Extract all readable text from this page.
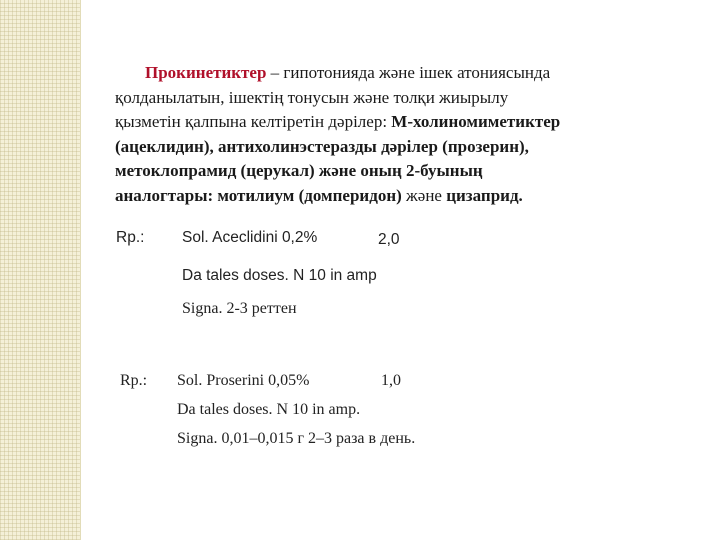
Прокинетиктер – гипотонияда және ішек атониясында
қолданылатын, ішектің тонусын және толқи жиырылу
қызметін қалпына келтіретін дәрілер: М-холиномиметиктер
(ацеклидин), антихолинэстеразды дәрілер (прозерин),
метоклопрамид (церукал) және оның 2-буының
аналогтары: мотилиум (домперидон) және цизаприд.
Rp.: Sol. Aceclidini 0,2%	2,0
Da tales doses. N 10 in amp
Signa. 2-3 реттен
Rp.: Sol. Proserini 0,05%	1,0
Da tales doses. N 10 in amp.
Signa. 0,01–0,015 г 2–3 раза в день.
